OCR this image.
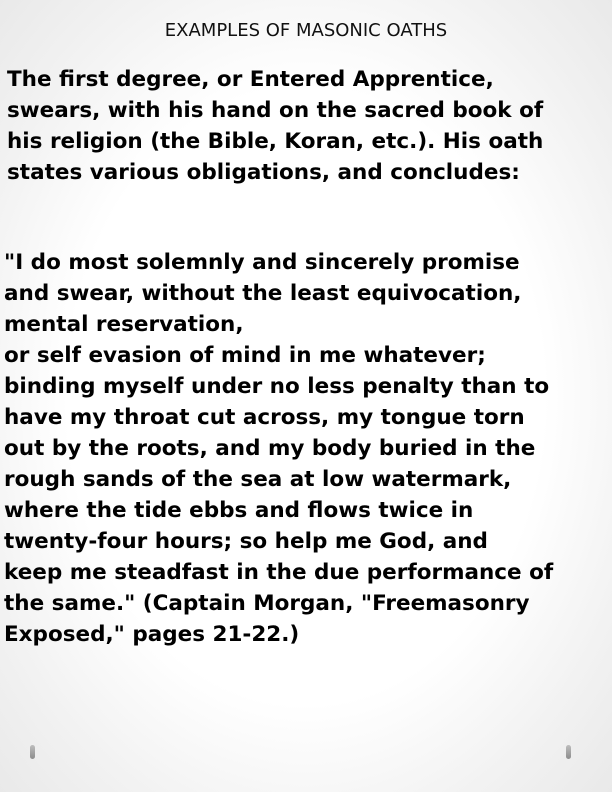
EXAMPLES OF MASONIC OATHS

The first degree, or Entered Apprentice,
swears, with his hand on the sacred book of
his religion (the Bible, Koran, etc.). His oath
states various obligations, and concludes:

"I do most solemnly and sincerely promise
and swear, without the least equivocation,
mental reservation,
or self evasion of mind in me whatever;
binding myself under no less penalty than to
have my throat cut across, my tongue torn
out by the roots, and my body buried in the
rough sands of the sea at low watermark,
where the tide ebbs and flows twice in
twenty-four hours; so help me God, and
keep me steadfast in the due performance of
the same." (Captain Morgan, "Freemasonry
Exposed," pages 21-22.)
